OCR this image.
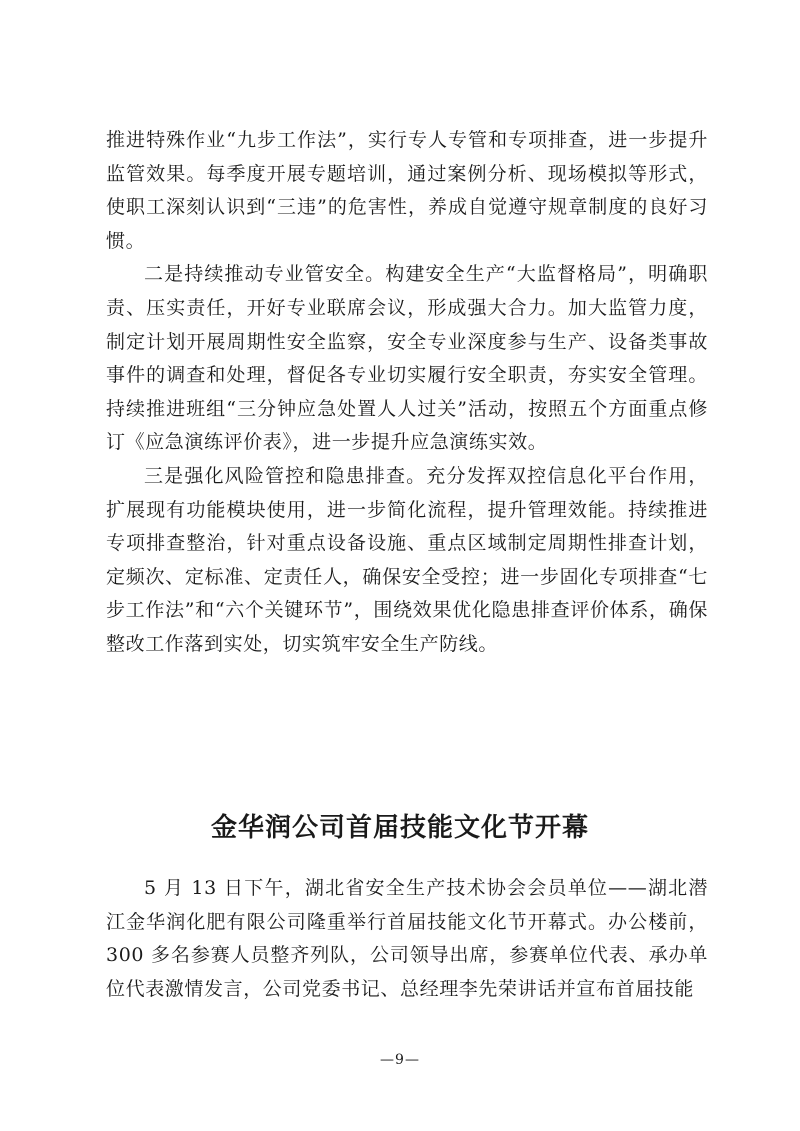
推进特殊作业“九步工作法”，实行专人专管和专项排查，进一步提升监管效果。每季度开展专题培训，通过案例分析、现场模拟等形式，使职工深刻认识到“三违”的危害性，养成自觉遵守规章制度的良好习惯。

二是持续推动专业管安全。构建安全生产“大监督格局”，明确职责、压实责任，开好专业联席会议，形成强大合力。加大监管力度，制定计划开展周期性安全监察，安全专业深度参与生产、设备类事故事件的调查和处理，督促各专业切实履行安全职责，夯实安全管理。持续推进班组“三分钟应急处置人人过关”活动，按照五个方面重点修订《应急演练评价表》，进一步提升应急演练实效。

三是强化风险管控和隐患排查。充分发挥双控信息化平台作用，扩展现有功能模块使用，进一步简化流程，提升管理效能。持续推进专项排查整治，针对重点设备设施、重点区域制定周期性排查计划，定频次、定标准、定责任人，确保安全受控；进一步固化专项排查“七步工作法”和“六个关键环节”，围绕效果优化隐患排查评价体系，确保整改工作落到实处，切实筑牢安全生产防线。

金华润公司首届技能文化节开幕

5 月 13 日下午，湖北省安全生产技术协会会员单位——湖北潜江金华润化肥有限公司隆重举行首届技能文化节开幕式。办公楼前，300 多名参赛人员整齐列队，公司领导出席，参赛单位代表、承办单位代表激情发言，公司党委书记、总经理李先荣讲话并宣布首届技能

—9—
